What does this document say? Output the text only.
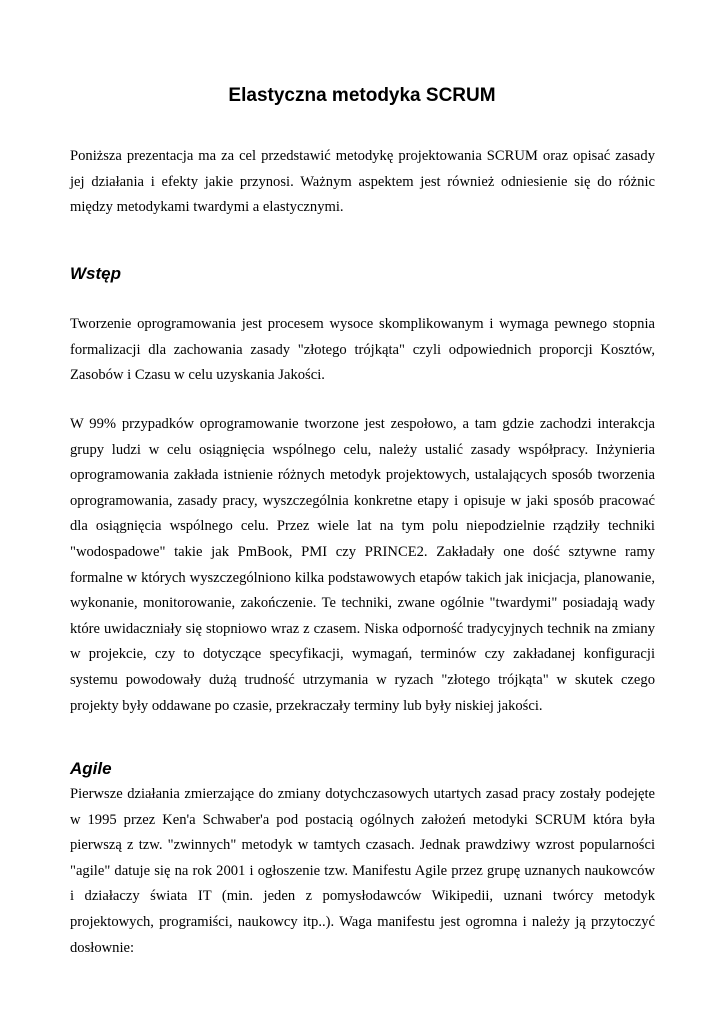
Elastyczna metodyka SCRUM

Poniższa prezentacja ma za cel przedstawić metodykę projektowania SCRUM oraz opisać zasady jej działania i efekty jakie przynosi. Ważnym aspektem jest również odniesienie się do różnic między metodykami twardymi a elastycznymi.

Wstęp

Tworzenie oprogramowania jest procesem wysoce skomplikowanym i wymaga pewnego stopnia formalizacji dla zachowania zasady "złotego trójkąta" czyli odpowiednich proporcji Kosztów, Zasobów i Czasu w celu uzyskania Jakości.

W 99% przypadków oprogramowanie tworzone jest zespołowo, a tam gdzie zachodzi interakcja grupy ludzi w celu osiągnięcia wspólnego celu, należy ustalić zasady współpracy. Inżynieria oprogramowania zakłada istnienie różnych metodyk projektowych, ustalających sposób tworzenia oprogramowania, zasady pracy, wyszczególnia konkretne etapy i opisuje w jaki sposób pracować dla osiągnięcia wspólnego celu. Przez wiele lat na tym polu niepodzielnie rządziły techniki "wodospadowe" takie jak PmBook, PMI czy PRINCE2. Zakładały one dość sztywne ramy formalne w których wyszczególniono kilka podstawowych etapów takich jak inicjacja, planowanie, wykonanie, monitorowanie, zakończenie. Te techniki, zwane ogólnie "twardymi" posiadają wady które uwidaczniały się stopniowo wraz z czasem. Niska odporność tradycyjnych technik na zmiany w projekcie, czy to dotyczące specyfikacji, wymagań, terminów czy zakładanej konfiguracji systemu powodowały dużą trudność utrzymania w ryzach "złotego trójkąta" w skutek czego projekty były oddawane po czasie, przekraczały terminy lub były niskiej jakości.

Agile

Pierwsze działania zmierzające do zmiany dotychczasowych utartych zasad pracy zostały podejęte w 1995 przez Ken'a Schwaber'a pod postacią ogólnych założeń metodyki SCRUM która była pierwszą z tzw. "zwinnych" metodyk w tamtych czasach. Jednak prawdziwy wzrost popularności "agile" datuje się na rok 2001 i ogłoszenie tzw. Manifestu Agile przez grupę uznanych naukowców i działaczy świata IT (min. jeden z pomysłodawców Wikipedii, uznani twórcy metodyk projektowych, programiści, naukowcy itp..). Waga manifestu jest ogromna i należy ją przytoczyć dosłownie:
